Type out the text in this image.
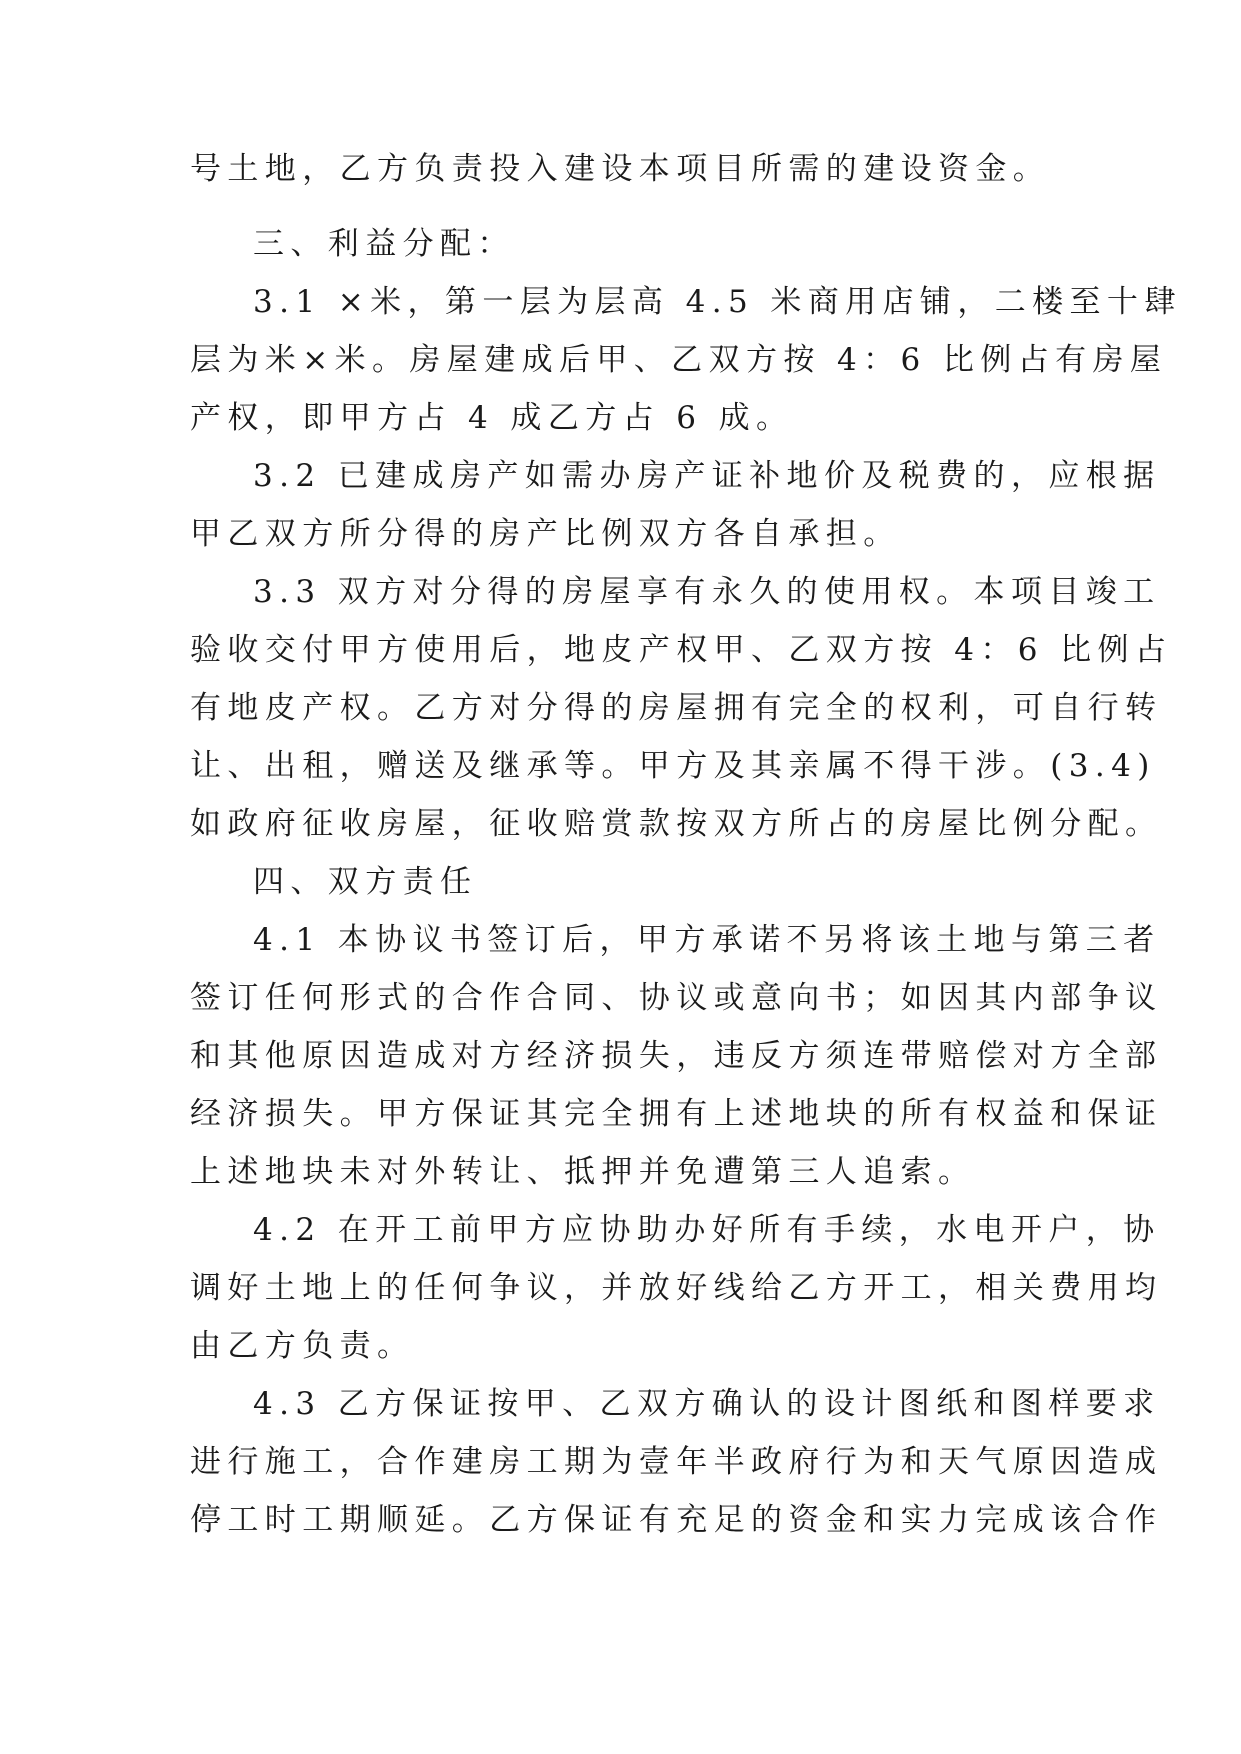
号土地，乙方负责投入建设本项目所需的建设资金。
三、利益分配：
3.1 ×米，第一层为层高 4.5 米商用店铺，二楼至十肆
层为米×米。房屋建成后甲、乙双方按 4：6 比例占有房屋
产权，即甲方占 4 成乙方占 6 成。
3.2 已建成房产如需办房产证补地价及税费的，应根据
甲乙双方所分得的房产比例双方各自承担。
3.3 双方对分得的房屋享有永久的使用权。本项目竣工
验收交付甲方使用后，地皮产权甲、乙双方按 4：6 比例占
有地皮产权。乙方对分得的房屋拥有完全的权利，可自行转
让、出租，赠送及继承等。甲方及其亲属不得干涉。(3.4)
如政府征收房屋，征收赔赏款按双方所占的房屋比例分配。
四、双方责任
4.1 本协议书签订后，甲方承诺不另将该土地与第三者
签订任何形式的合作合同、协议或意向书；如因其内部争议
和其他原因造成对方经济损失，违反方须连带赔偿对方全部
经济损失。甲方保证其完全拥有上述地块的所有权益和保证
上述地块未对外转让、抵押并免遭第三人追索。
4.2 在开工前甲方应协助办好所有手续，水电开户，协
调好土地上的任何争议，并放好线给乙方开工，相关费用均
由乙方负责。
4.3 乙方保证按甲、乙双方确认的设计图纸和图样要求
进行施工，合作建房工期为壹年半政府行为和天气原因造成
停工时工期顺延。乙方保证有充足的资金和实力完成该合作
